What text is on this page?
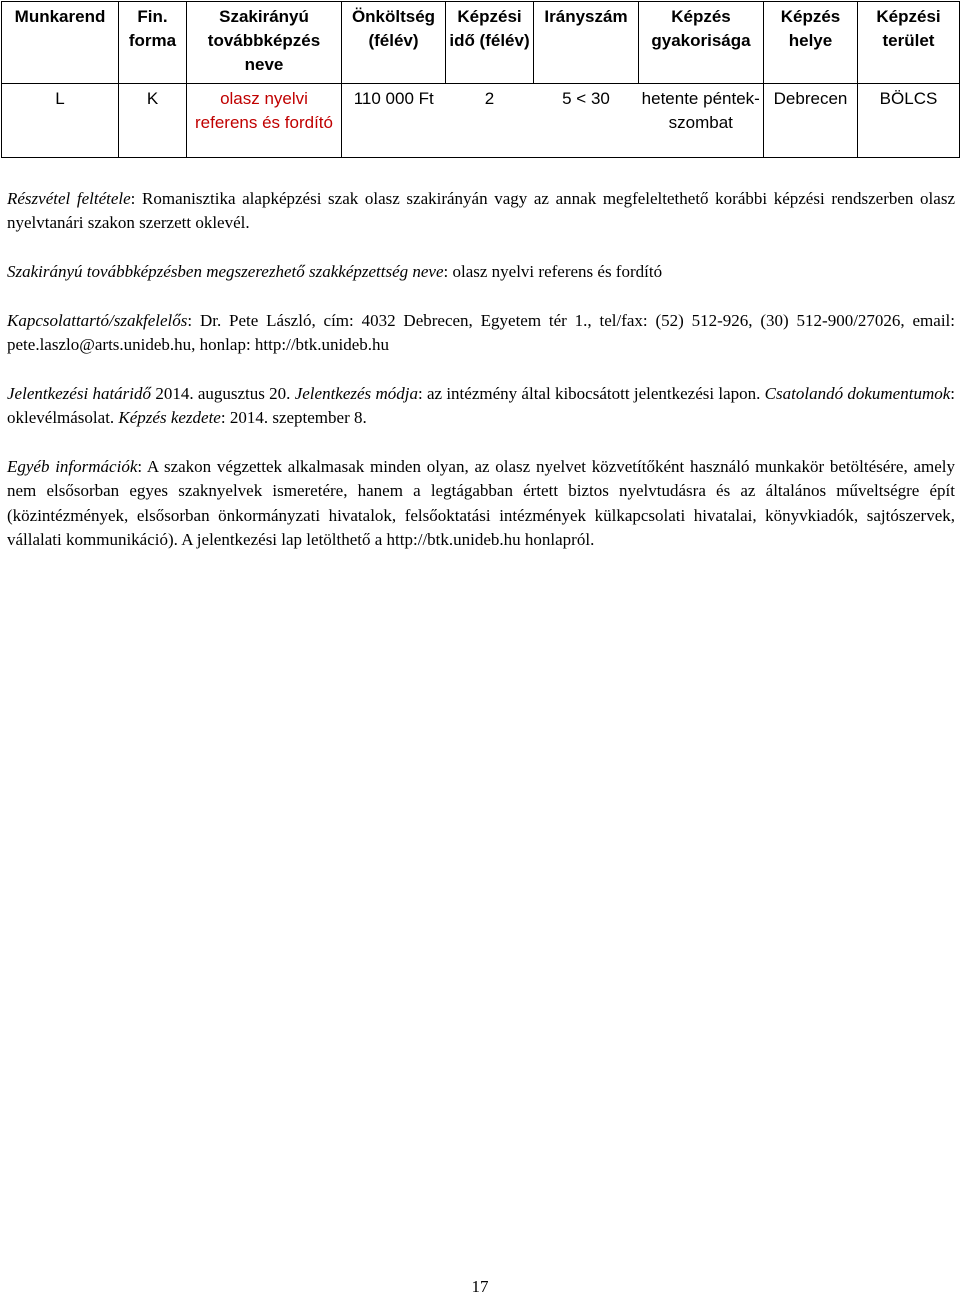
Munkarend	Fin. forma	Szakirányú továbbképzés neve	Önköltség (félév)	Képzési idő (félév)	Irányszám	Képzés gyakorisága	Képzés helye	Képzési terület
L	K	olasz nyelvi referens és fordító	110 000 Ft	2	5 < 30	hetente péntek-szombat	Debrecen	BÖLCS
Részvétel feltétele: Romanisztika alapképzési szak olasz szakirányán vagy az annak megfeleltethető korábbi képzési rendszerben olasz nyelvtanári szakon szerzett oklevél.
Szakirányú továbbképzésben megszerezhető szakképzettség neve: olasz nyelvi referens és fordító
Kapcsolattartó/szakfelelős: Dr. Pete László, cím: 4032 Debrecen, Egyetem tér 1., tel/fax: (52) 512-926, (30) 512-900/27026, email: pete.laszlo@arts.unideb.hu, honlap: http://btk.unideb.hu
Jelentkezési határidő 2014. augusztus 20. Jelentkezés módja: az intézmény által kibocsátott jelentkezési lapon. Csatolandó dokumentumok: oklevélmásolat. Képzés kezdete: 2014. szeptember 8.
Egyéb információk: A szakon végzettek alkalmasak minden olyan, az olasz nyelvet közvetítőként használó munkakör betöltésére, amely nem elsősorban egyes szaknyelvek ismeretére, hanem a legtágabban értett biztos nyelvtudásra és az általános műveltségre épít (közintézmények, elsősorban önkormányzati hivatalok, felsőoktatási intézmények külkapcsolati hivatalai, könyvkiadók, sajtószervek, vállalati kommunikáció). A jelentkezési lap letölthető a http://btk.unideb.hu honlapról.
17
